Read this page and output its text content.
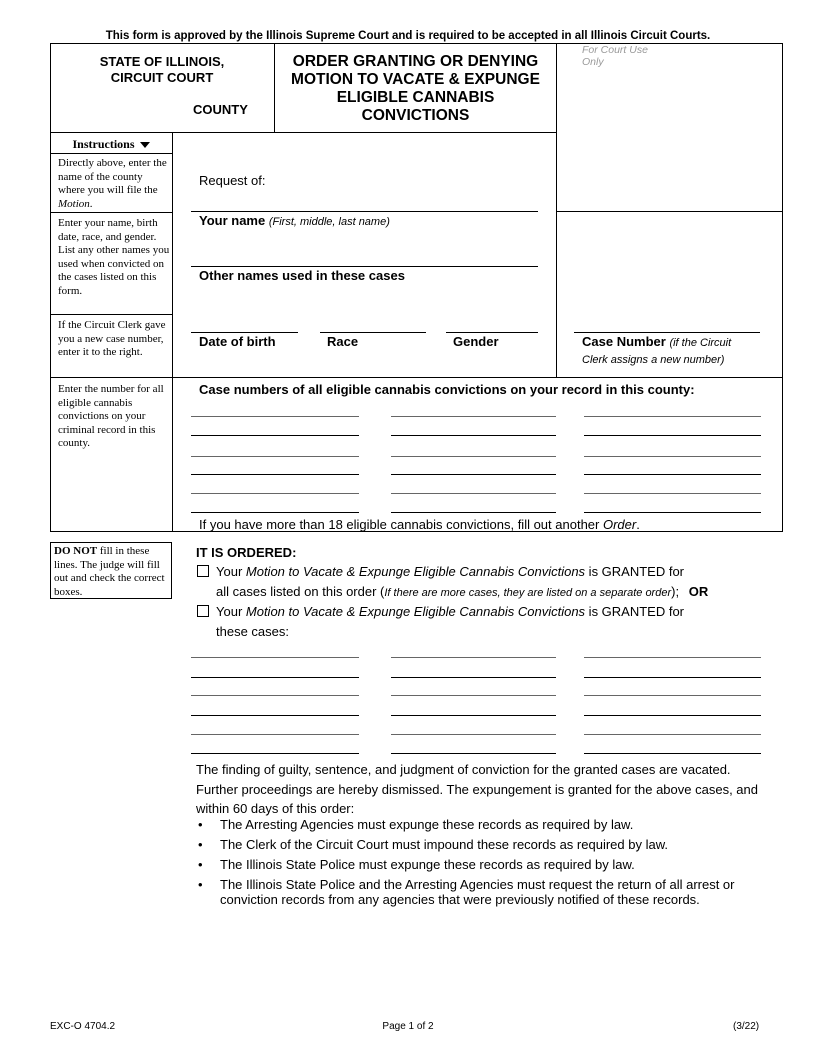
This form is approved by the Illinois Supreme Court and is required to be accepted in all Illinois Circuit Courts.
STATE OF ILLINOIS,
CIRCUIT COURT
COUNTY
ORDER GRANTING OR DENYING
MOTION TO VACATE & EXPUNGE
ELIGIBLE CANNABIS
CONVICTIONS
For Court Use
Only
Instructions
Directly above, enter the name of the county where you will file the Motion.
Enter your name, birth date, race, and gender. List any other names you used when convicted on the cases listed on this form.
If the Circuit Clerk gave you a new case number, enter it to the right.
Enter the number for all eligible cannabis convictions on your criminal record in this county.
Request of:
Your name (First, middle, last name)
Other names used in these cases
Date of birth	Race	Gender	Case Number (if the Circuit
Clerk assigns a new number)
Case numbers of all eligible cannabis convictions on your record in this county:
If you have more than 18 eligible cannabis convictions, fill out another Order.
DO NOT fill in these lines. The judge will fill out and check the correct boxes.
IT IS ORDERED:
Your Motion to Vacate & Expunge Eligible Cannabis Convictions is GRANTED for
all cases listed on this order (If there are more cases, they are listed on a separate order); OR
Your Motion to Vacate & Expunge Eligible Cannabis Convictions is GRANTED for
these cases:
The finding of guilty, sentence, and judgment of conviction for the granted cases are vacated.
Further proceedings are hereby dismissed. The expungement is granted for the above cases, and
within 60 days of this order:
• The Arresting Agencies must expunge these records as required by law.
• The Clerk of the Circuit Court must impound these records as required by law.
• The Illinois State Police must expunge these records as required by law.
• The Illinois State Police and the Arresting Agencies must request the return of all arrest or
conviction records from any agencies that were previously notified of these records.
EXC-O 4704.2	Page 1 of 2	(3/22)
